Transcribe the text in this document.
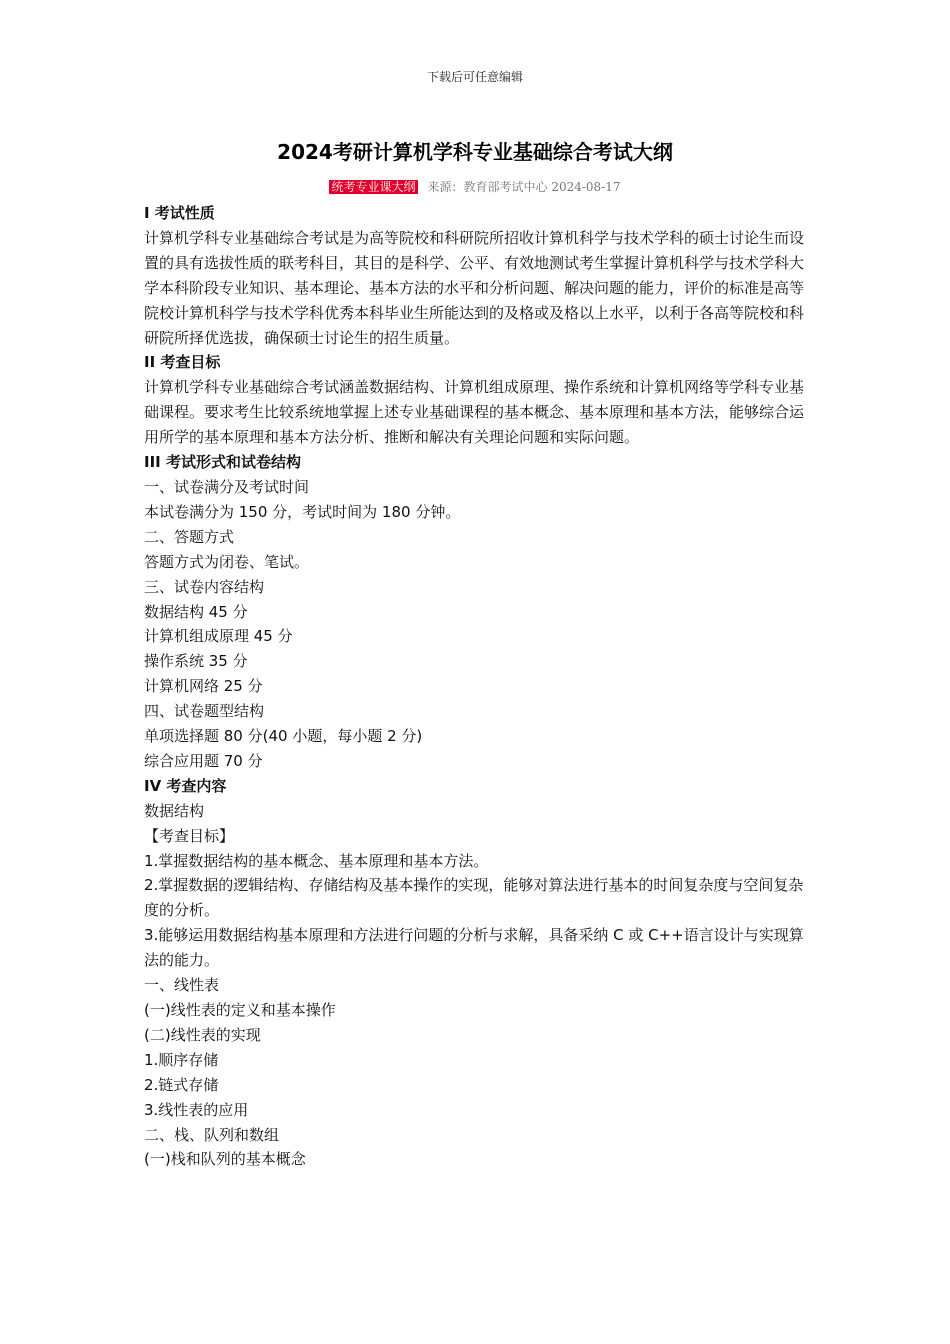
下载后可任意编辑
2024考研计算机学科专业基础综合考试大纲
统考专业课大纲 来源：教育部考试中心 2024-08-17

I 考试性质

计算机学科专业基础综合考试是为高等院校和科研院所招收计算机科学与技术学科的硕士讨论生而设置的具有选拔性质的联考科目，其目的是科学、公平、有效地测试考生掌握计算机科学与技术学科大学本科阶段专业知识、基本理论、基本方法的水平和分析问题、解决问题的能力，评价的标准是高等院校计算机科学与技术学科优秀本科毕业生所能达到的及格或及格以上水平，以利于各高等院校和科研院所择优选拔，确保硕士讨论生的招生质量。

II 考查目标

计算机学科专业基础综合考试涵盖数据结构、计算机组成原理、操作系统和计算机网络等学科专业基础课程。要求考生比较系统地掌握上述专业基础课程的基本概念、基本原理和基本方法，能够综合运用所学的基本原理和基本方法分析、推断和解决有关理论问题和实际问题。

III 考试形式和试卷结构

一、试卷满分及考试时间

本试卷满分为 150 分，考试时间为 180 分钟。

二、答题方式

答题方式为闭卷、笔试。

三、试卷内容结构

数据结构 45 分

计算机组成原理 45 分

操作系统 35 分

计算机网络 25 分

四、试卷题型结构

单项选择题 80 分(40 小题，每小题 2 分)

综合应用题 70 分

IV 考查内容

数据结构

【考查目标】

1.掌握数据结构的基本概念、基本原理和基本方法。

2.掌握数据的逻辑结构、存储结构及基本操作的实现，能够对算法进行基本的时间复杂度与空间复杂度的分析。

3.能够运用数据结构基本原理和方法进行问题的分析与求解，具备采纳 C 或 C++语言设计与实现算法的能力。

一、线性表

(一)线性表的定义和基本操作

(二)线性表的实现

1.顺序存储

2.链式存储

3.线性表的应用

二、栈、队列和数组

(一)栈和队列的基本概念
